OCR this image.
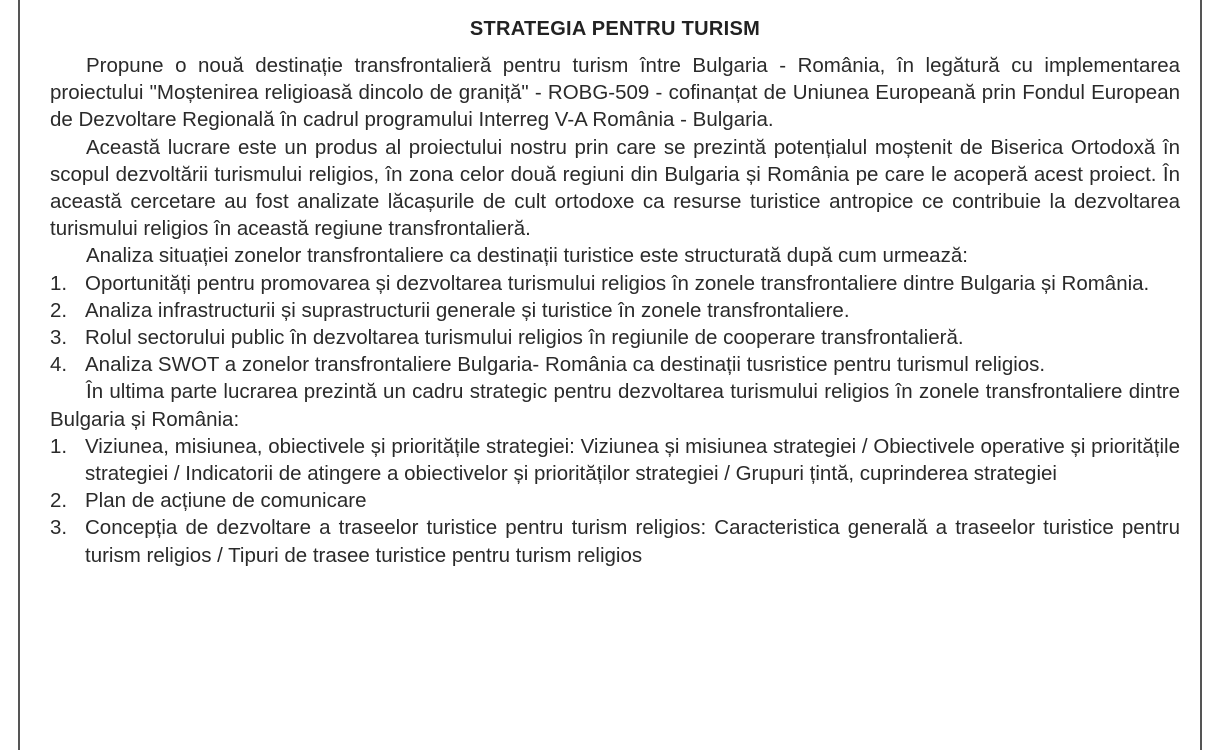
STRATEGIA PENTRU TURISM

Propune o nouă destinație transfrontalieră pentru turism între Bulgaria - România, în legătură cu implementarea proiectului "Moștenirea religioasă dincolo de graniță" - ROBG-509 - cofinanțat de Uniunea Europeană prin Fondul European de Dezvoltare Regională în cadrul programului Interreg V-A România - Bulgaria.

Această lucrare este un produs al proiectului nostru prin care se prezintă potențialul moștenit de Biserica Ortodoxă în scopul dezvoltării turismului religios, în zona celor două regiuni din Bulgaria și România pe care le acoperă acest proiect. În această cercetare au fost analizate lăcașurile de cult ortodoxe ca resurse turistice antropice ce contribuie la dezvoltarea turismului religios în această regiune transfrontalieră.

Analiza situației zonelor transfrontaliere ca destinații turistice este structurată după cum urmează:

1. Oportunități pentru promovarea și dezvoltarea turismului religios în zonele transfrontaliere dintre Bulgaria și România.
2. Analiza infrastructurii și suprastructurii generale și turistice în zonele transfrontaliere.
3. Rolul sectorului public în dezvoltarea turismului religios în regiunile de cooperare transfrontalieră.
4. Analiza SWOT a zonelor transfrontaliere Bulgaria- România ca destinații tusristice pentru turismul religios.

În ultima parte lucrarea prezintă un cadru strategic pentru dezvoltarea turismului religios în zonele transfrontaliere dintre Bulgaria și România:

1. Viziunea, misiunea, obiectivele și prioritățile strategiei: Viziunea și misiunea strategiei / Obiectivele operative și prioritățile strategiei / Indicatorii de atingere a obiectivelor și priorităților strategiei / Grupuri țintă, cuprinderea strategiei
2. Plan de acțiune de comunicare
3. Concepția de dezvoltare a traseelor turistice pentru turism religios: Caracteristica generală a traseelor turistice pentru turism religios / Tipuri de trasee turistice pentru turism religios
